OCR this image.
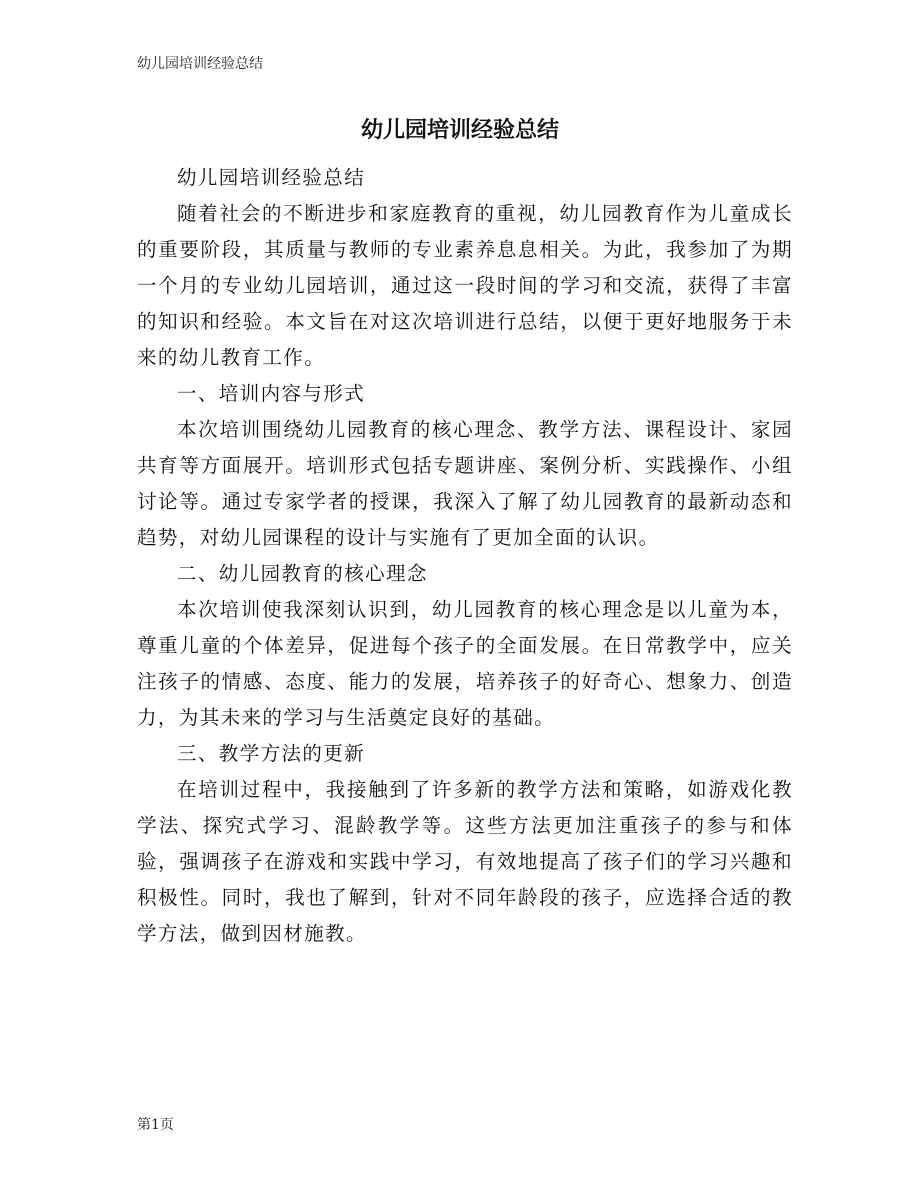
幼儿园培训经验总结
幼儿园培训经验总结

幼儿园培训经验总结

随着社会的不断进步和家庭教育的重视，幼儿园教育作为儿童成长的重要阶段，其质量与教师的专业素养息息相关。为此，我参加了为期一个月的专业幼儿园培训，通过这一段时间的学习和交流，获得了丰富的知识和经验。本文旨在对这次培训进行总结，以便于更好地服务于未来的幼儿教育工作。

一、培训内容与形式

本次培训围绕幼儿园教育的核心理念、教学方法、课程设计、家园共育等方面展开。培训形式包括专题讲座、案例分析、实践操作、小组讨论等。通过专家学者的授课，我深入了解了幼儿园教育的最新动态和趋势，对幼儿园课程的设计与实施有了更加全面的认识。

二、幼儿园教育的核心理念

本次培训使我深刻认识到，幼儿园教育的核心理念是以儿童为本，尊重儿童的个体差异，促进每个孩子的全面发展。在日常教学中，应关注孩子的情感、态度、能力的发展，培养孩子的好奇心、想象力、创造力，为其未来的学习与生活奠定良好的基础。

三、教学方法的更新

在培训过程中，我接触到了许多新的教学方法和策略，如游戏化教学法、探究式学习、混龄教学等。这些方法更加注重孩子的参与和体验，强调孩子在游戏和实践中学习，有效地提高了孩子们的学习兴趣和积极性。同时，我也了解到，针对不同年龄段的孩子，应选择合适的教学方法，做到因材施教。

第1页
